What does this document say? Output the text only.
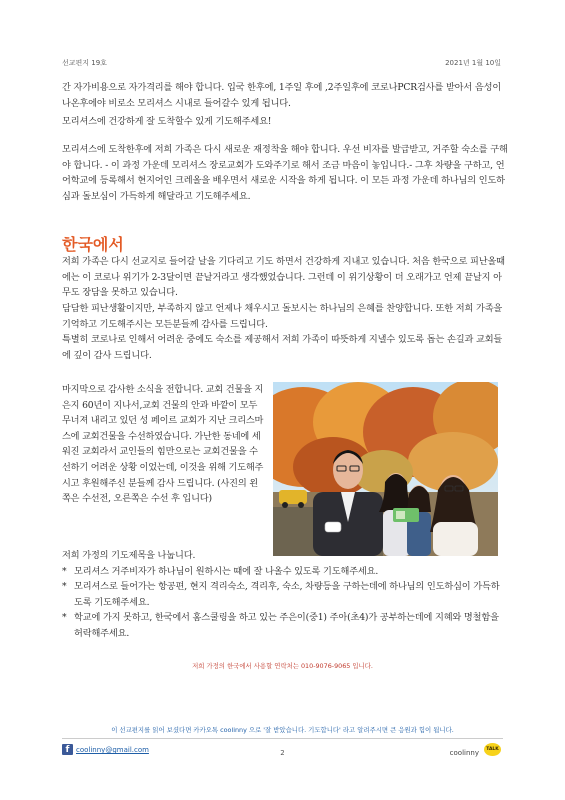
선교편지 19호	2021년 1월 10일
간 자가비용으로 자가격리를 해야 합니다. 입국 한후에, 1주일 후에 ,2주일후에 코로나PCR검사를 받아서 음성이 나온후에야 비로소 모리셔스 시내로 들어갈수 있게 됩니다.
모리셔스에 건강하게 잘 도착할수 있게 기도해주세요!
모리셔스에 도착한후에 저희 가족은 다시 새로운 재정착을 해야 합니다. 우선 비자를 발급받고, 거주할 숙소를 구해야 합니다. - 이 과정 가운데 모리셔스 장로교회가 도와주기로 해서 조금 마음이 놓입니다.- 그후 차량을 구하고, 언어학교에 등록해서 현지어인 크레올을 배우면서 새로운 시작을 하게 됩니다. 이 모든 과정 가운데 하나님의 인도하심과 돌보심이 가득하게 해달라고 기도해주세요.
한국에서
저희 가족은 다시 선교지로 들어갈 날을 기다리고 기도 하면서 건강하게 지내고 있습니다. 처음 한국으로 피난올때에는 이 코로나 위기가 2-3달이면 끝날거라고 생각했었습니다. 그런데 이 위기상황이 더 오래가고 언제 끝날지 아무도 장담을 못하고 있습니다.
담담한 피난생활이지만, 부족하지 않고 언제나 채우시고 돌보시는 하나님의 은혜를 찬양합니다. 또한 저희 가족을 기억하고 기도해주시는 모든분들께 감사를 드립니다.
특별히 코로나로 인해서 어려운 중에도 숙소를 제공해서 저희 가족이 따뜻하게 지낼수 있도록 돕는 손길과 교회들에 깊이 감사 드립니다.
마지막으로 감사한 소식을 전합니다. 교회 건물을 지은지 60년이 지나서,교회 건물의 안과 바깥이 모두 무너져 내리고 있던 성 페이르 교회가 지난 크리스마스에 교회건물을 수선하였습니다. 가난한 동네에 세워진 교회라서 교인들의 힘만으로는 교회건물을 수선하기 어려운 상황 이었는데, 이것을 위해 기도해주시고 후원해주신 분들께 감사 드립니다. (사진의 왼쪽은 수선전, 오른쪽은 수선 후 입니다)
저희 가정의 기도제목을 나눕니다.
* 모리셔스 거주비자가 하나님이 원하시는 때에 잘 나올수 있도록 기도해주세요.
* 모리셔스로 들어가는 항공편, 현지 격리숙소, 격리후, 숙소, 차량등을 구하는데에 하나님의 인도하심이 가득하도록 기도해주세요.
* 학교에 가지 못하고, 한국에서 홈스쿨링을 하고 있는 주은이(중1) 주아(초4)가 공부하는데에 지혜와 명철함을 허락해주세요.
저희 가정의 한국에서 사용할 연락처는 010-9076-9065 입니다.
이 선교편지를 읽어 보셨다면 카카오톡 coolinny 으로 '잘 받았습니다. 기도합니다' 라고 알려주시면 큰 응원과 힘이 됩니다.
f coolinny@gmail.com	2	coolinny	TALK
